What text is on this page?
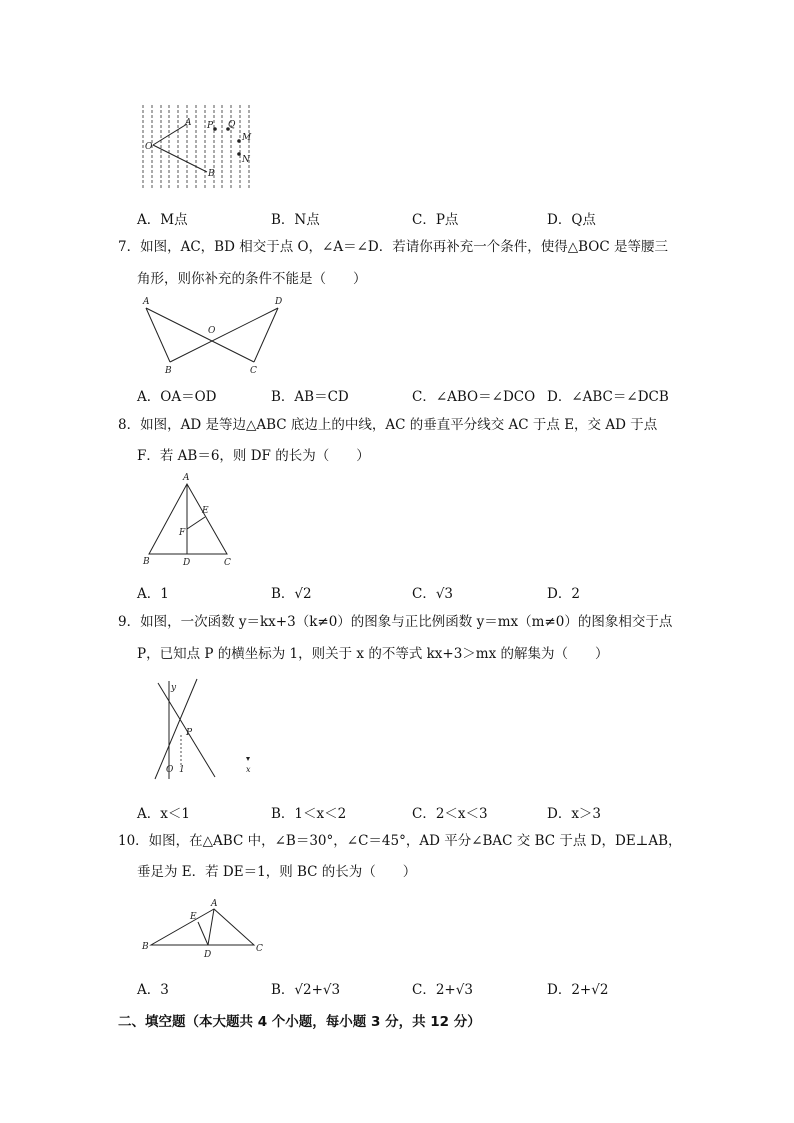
O
A P Q
M
N
B
A．M点	B．N点	C．P点	D．Q点
7．如图，AC，BD 相交于点 O，∠A＝∠D．若请你再补充一个条件，使得△BOC 是等腰三
角形，则你补充的条件不能是（　　）
A	D
O
B	C
A．OA＝OD	B．AB＝CD	C．∠ABO＝∠DCO D．∠ABC＝∠DCB
8．如图，AD 是等边△ABC 底边上的中线，AC 的垂直平分线交 AC 于点 E，交 AD 于点
F．若 AB＝6，则 DF 的长为（　　）
A
E
F
B	D	C
A．1	B．√2	C．√3	D．2
9．如图，一次函数 y＝kx+3（k≠0）的图象与正比例函数 y＝mx（m≠0）的图象相交于点
P，已知点 P 的横坐标为 1，则关于 x 的不等式 kx+3＞mx 的解集为（　　）
y
P
O 1	x
A．x＜1	B．1＜x＜2	C．2＜x＜3	D．x＞3
10．如图，在△ABC 中，∠B＝30°，∠C＝45°，AD 平分∠BAC 交 BC 于点 D，DE⊥AB，
垂足为 E．若 DE＝1，则 BC 的长为（　　）
A
E
B
D
C
A．3	B．√2+√3	C．2+√3	D．2+√2
二、填空题（本大题共 4 个小题，每小题 3 分，共 12 分）
